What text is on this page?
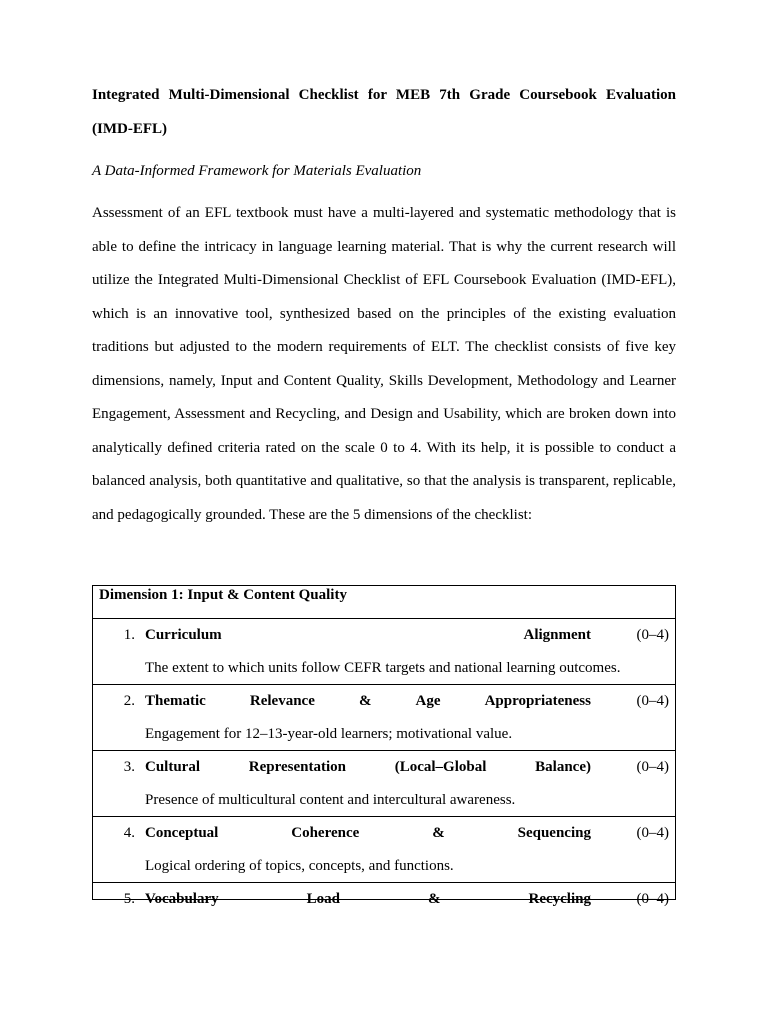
Integrated Multi-Dimensional Checklist for MEB 7th Grade Coursebook Evaluation

(IMD-EFL)

A Data-Informed Framework for Materials Evaluation

Assessment of an EFL textbook must have a multi-layered and systematic methodology that is able to define the intricacy in language learning material. That is why the current research will utilize the Integrated Multi-Dimensional Checklist of EFL Coursebook Evaluation (IMD-EFL), which is an innovative tool, synthesized based on the principles of the existing evaluation traditions but adjusted to the modern requirements of ELT. The checklist consists of five key dimensions, namely, Input and Content Quality, Skills Development, Methodology and Learner Engagement, Assessment and Recycling, and Design and Usability, which are broken down into analytically defined criteria rated on the scale 0 to 4. With its help, it is possible to conduct a balanced analysis, both quantitative and qualitative, so that the analysis is transparent, replicable, and pedagogically grounded. These are the 5 dimensions of the checklist:

Dimension 1: Input & Content Quality

1. Curriculum	Alignment	(0–4)
The extent to which units follow CEFR targets and national learning outcomes.

2. Thematic	Relevance	&	Age	Appropriateness	(0–4)
Engagement for 12–13-year-old learners; motivational value.

3. Cultural	Representation	(Local–Global	Balance)	(0–4)
Presence of multicultural content and intercultural awareness.

4. Conceptual	Coherence	&	Sequencing	(0–4)
Logical ordering of topics, concepts, and functions.

5. Vocabulary	Load	&	Recycling	(0–4)
